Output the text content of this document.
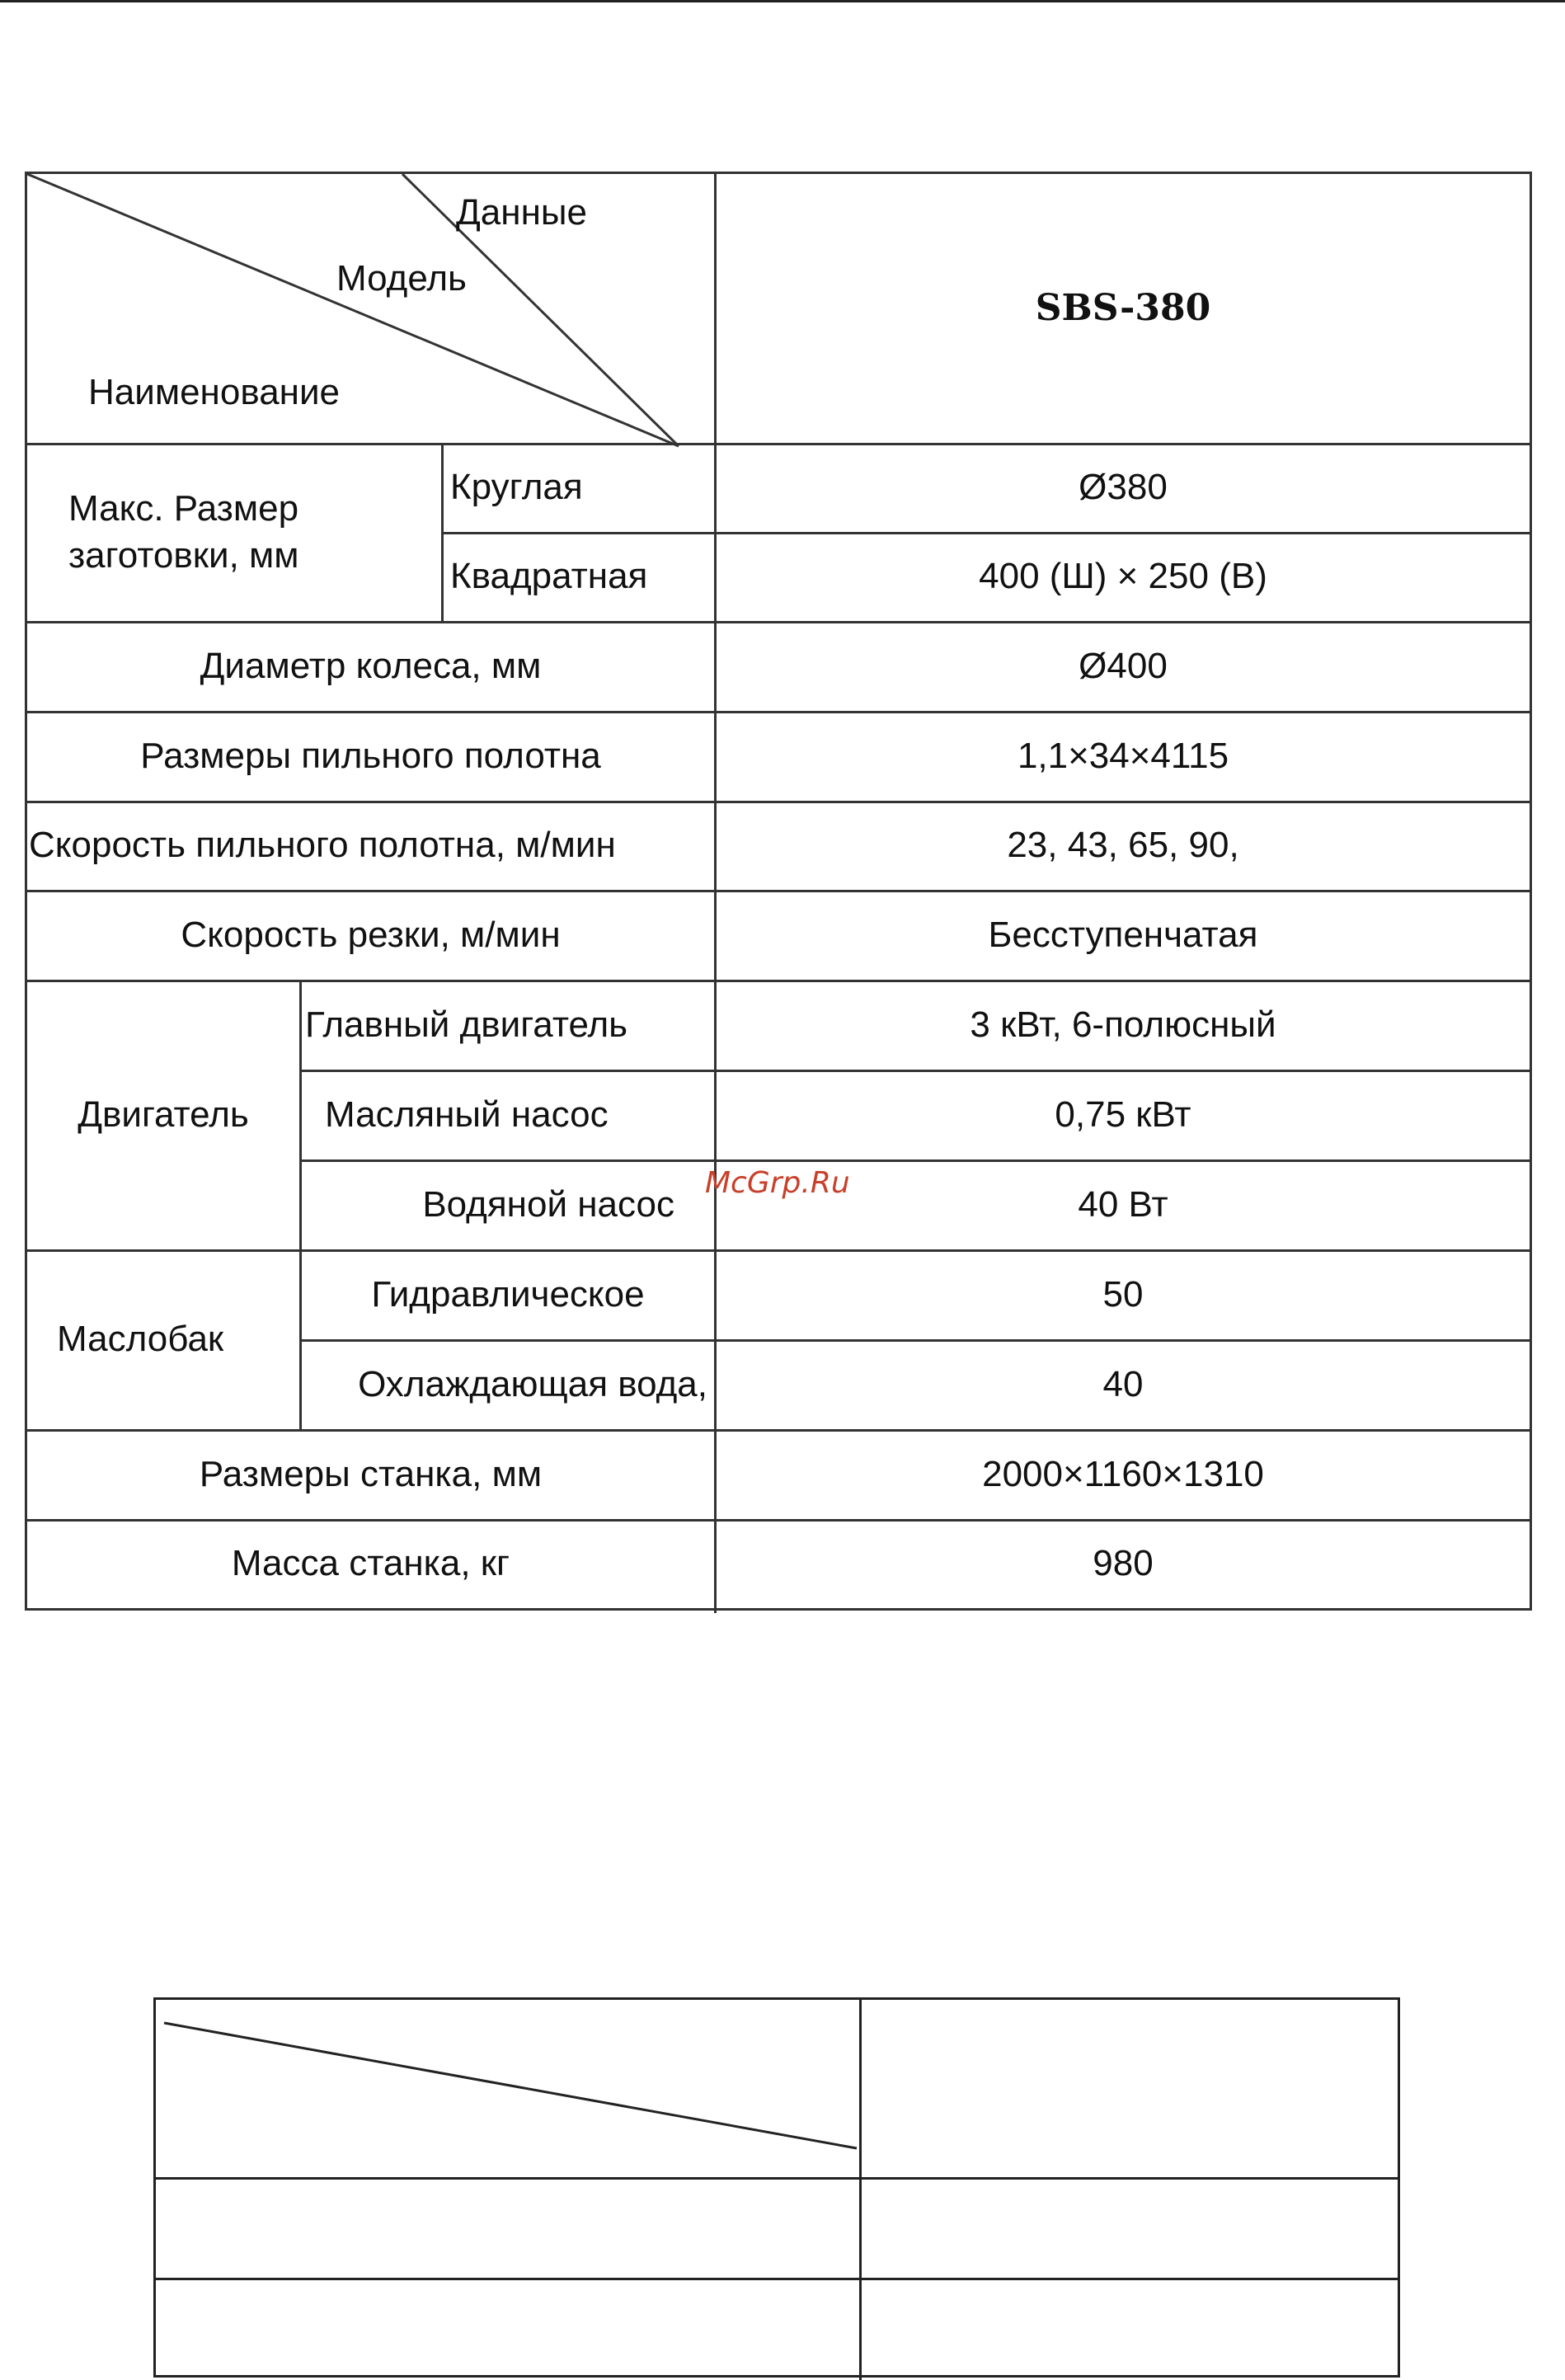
Данные
Модель
Наименование
SBS-380
Макс. Размер заготовки, мм
Круглая	Ø380
Квадратная	400 (Ш) × 250 (В)
Диаметр колеса, мм	Ø400
Размеры пильного полотна	1,1×34×4115
Скорость пильного полотна, м/мин	23, 43, 65, 90,
Скорость резки, м/мин	Бесступенчатая
Двигатель
Главный двигатель	3 кВт, 6-полюсный
Масляный насос	0,75 кВт
Водяной насос	40 Вт
Маслобак
Гидравлическое	50
Охлаждающая вода,	40
Размеры станка, мм	2000×1160×1310
Масса станка, кг	980
McGrp.Ru
